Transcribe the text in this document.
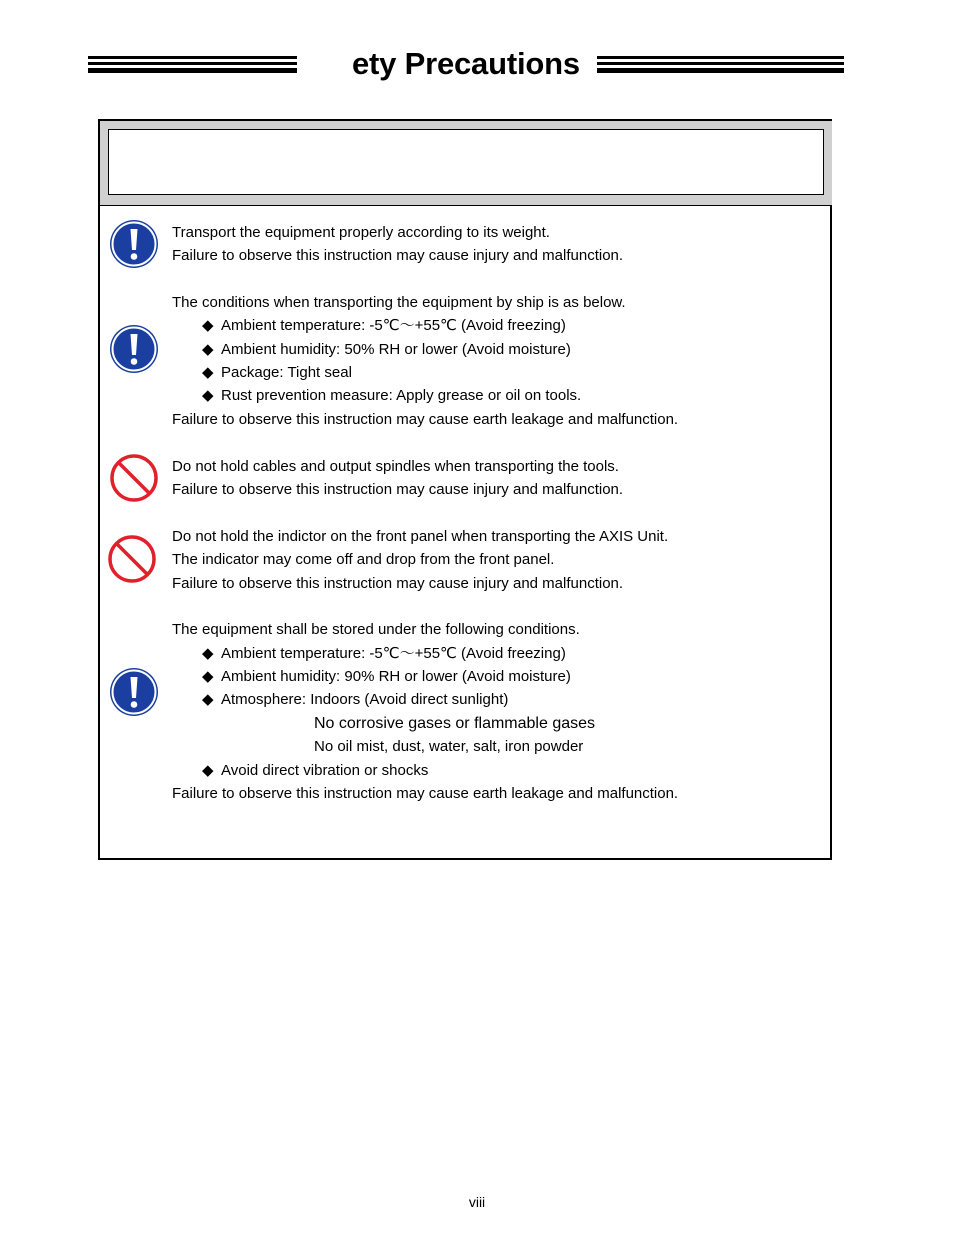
ety Precautions
Transport the equipment properly according to its weight.
Failure to observe this instruction may cause injury and malfunction.
The conditions when transporting the equipment by ship is as below.
◆ Ambient temperature: -5℃～+55℃ (Avoid freezing)
◆ Ambient humidity: 50% RH or lower (Avoid moisture)
◆ Package: Tight seal
◆ Rust prevention measure: Apply grease or oil on tools.
Failure to observe this instruction may cause earth leakage and malfunction.
Do not hold cables and output spindles when transporting the tools.
Failure to observe this instruction may cause injury and malfunction.
Do not hold the indictor on the front panel when transporting the AXIS Unit.
The indicator may come off and drop from the front panel.
Failure to observe this instruction may cause injury and malfunction.
The equipment shall be stored under the following conditions.
◆ Ambient temperature: -5℃～+55℃ (Avoid freezing)
◆ Ambient humidity: 90% RH or lower (Avoid moisture)
◆ Atmosphere: Indoors (Avoid direct sunlight)
No corrosive gases or flammable gases
No oil mist, dust, water, salt, iron powder
◆ Avoid direct vibration or shocks
Failure to observe this instruction may cause earth leakage and malfunction.
viii
